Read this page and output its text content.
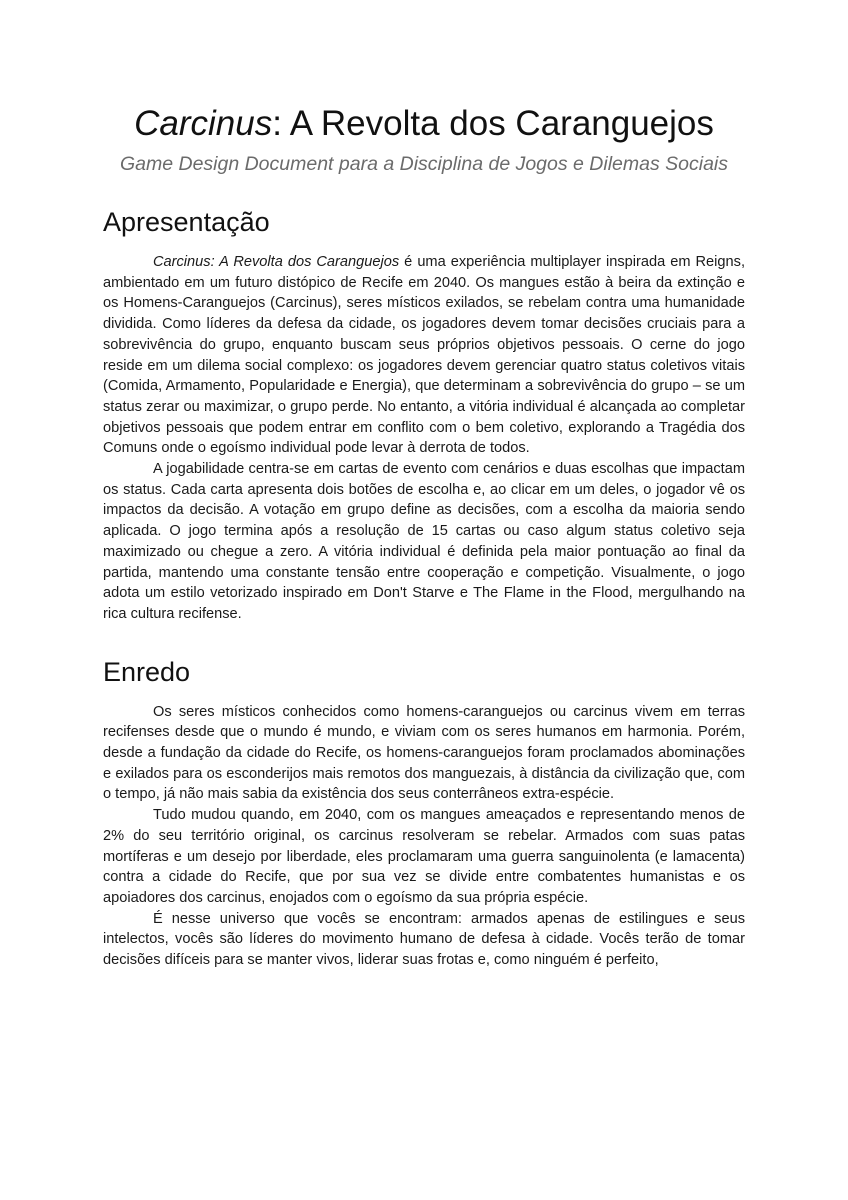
Carcinus: A Revolta dos Caranguejos
Game Design Document para a Disciplina de Jogos e Dilemas Sociais
Apresentação

Carcinus: A Revolta dos Caranguejos é uma experiência multiplayer inspirada em Reigns, ambientado em um futuro distópico de Recife em 2040. Os mangues estão à beira da extinção e os Homens-Caranguejos (Carcinus), seres místicos exilados, se rebelam contra uma humanidade dividida. Como líderes da defesa da cidade, os jogadores devem tomar decisões cruciais para a sobrevivência do grupo, enquanto buscam seus próprios objetivos pessoais. O cerne do jogo reside em um dilema social complexo: os jogadores devem gerenciar quatro status coletivos vitais (Comida, Armamento, Popularidade e Energia), que determinam a sobrevivência do grupo – se um status zerar ou maximizar, o grupo perde. No entanto, a vitória individual é alcançada ao completar objetivos pessoais que podem entrar em conflito com o bem coletivo, explorando a Tragédia dos Comuns onde o egoísmo individual pode levar à derrota de todos.

A jogabilidade centra-se em cartas de evento com cenários e duas escolhas que impactam os status. Cada carta apresenta dois botões de escolha e, ao clicar em um deles, o jogador vê os impactos da decisão. A votação em grupo define as decisões, com a escolha da maioria sendo aplicada. O jogo termina após a resolução de 15 cartas ou caso algum status coletivo seja maximizado ou chegue a zero. A vitória individual é definida pela maior pontuação ao final da partida, mantendo uma constante tensão entre cooperação e competição. Visualmente, o jogo adota um estilo vetorizado inspirado em Don't Starve e The Flame in the Flood, mergulhando na rica cultura recifense.

Enredo

Os seres místicos conhecidos como homens-caranguejos ou carcinus vivem em terras recifenses desde que o mundo é mundo, e viviam com os seres humanos em harmonia. Porém, desde a fundação da cidade do Recife, os homens-caranguejos foram proclamados abominações e exilados para os esconderijos mais remotos dos manguezais, à distância da civilização que, com o tempo, já não mais sabia da existência dos seus conterrâneos extra-espécie.

Tudo mudou quando, em 2040, com os mangues ameaçados e representando menos de 2% do seu território original, os carcinus resolveram se rebelar. Armados com suas patas mortíferas e um desejo por liberdade, eles proclamaram uma guerra sanguinolenta (e lamacenta) contra a cidade do Recife, que por sua vez se divide entre combatentes humanistas e os apoiadores dos carcinus, enojados com o egoísmo da sua própria espécie.

É nesse universo que vocês se encontram: armados apenas de estilingues e seus intelectos, vocês são líderes do movimento humano de defesa à cidade. Vocês terão de tomar decisões difíceis para se manter vivos, liderar suas frotas e, como ninguém é perfeito,
